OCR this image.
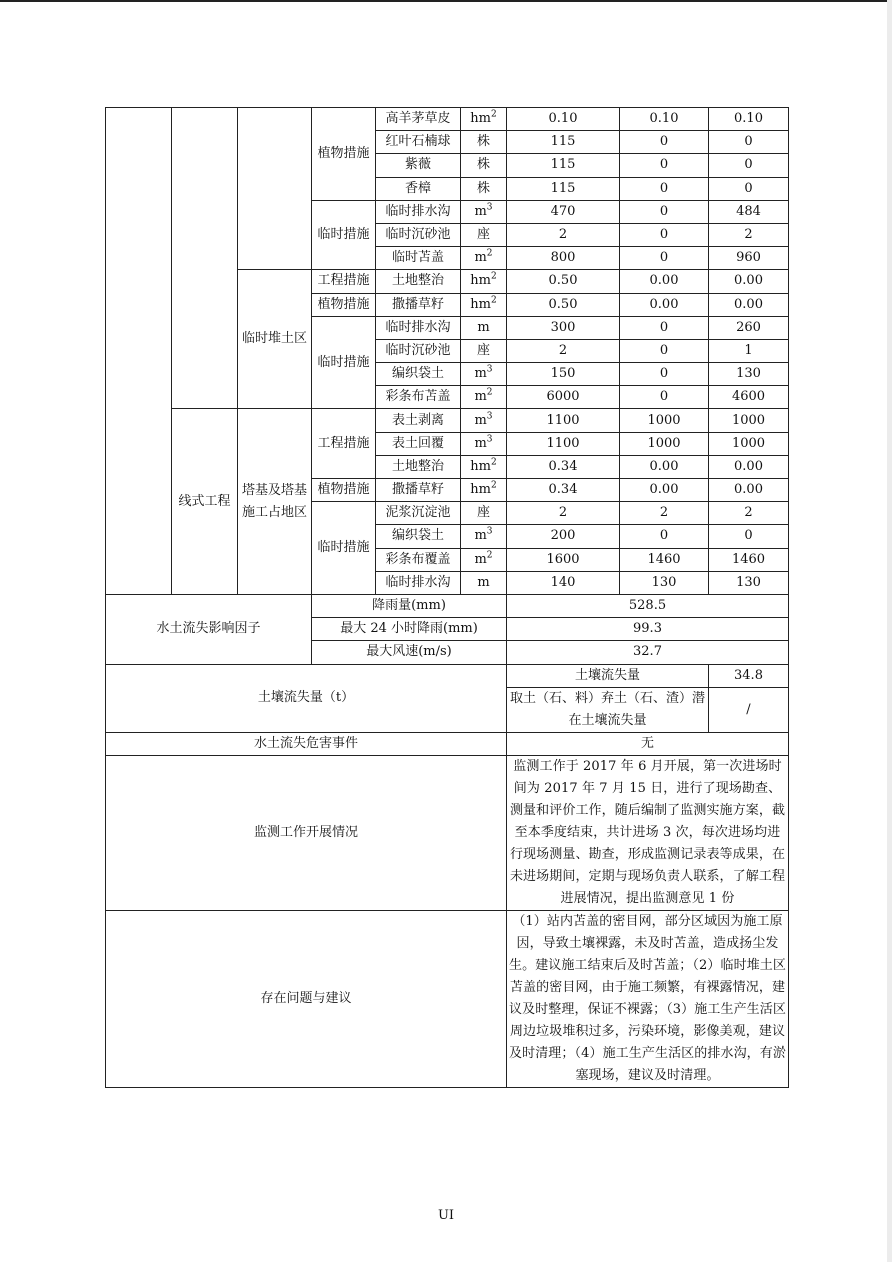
			植物措施	高羊茅草皮	$hm^2$	0.10	0.10	0.10
				红叶石楠球	株	115	0	0
				紫薇	株	115	0	0
				香樟	株	115	0	0
			临时措施	临时排水沟	$m^3$	470	0	484
				临时沉砂池	座	2	0	2
				临时苫盖	$m^2$	800	0	960
		临时堆土区	工程措施	土地整治	$hm^2$	0.50	0.00	0.00
			植物措施	撒播草籽	$hm^2$	0.50	0.00	0.00
			临时措施	临时排水沟	m	300	0	260
				临时沉砂池	座	2	0	1
				编织袋土	$m^3$	150	0	130
				彩条布苫盖	$m^2$	6000	0	4600
	线式工程	塔基及塔基施工占地区	工程措施	表土剥离	$m^3$	1100	1000	1000
				表土回覆	$m^3$	1100	1000	1000
				土地整治	$hm^2$	0.34	0.00	0.00
			植物措施	撒播草籽	$hm^2$	0.34	0.00	0.00
			临时措施	泥浆沉淀池	座	2	2	2
				编织袋土	$m^3$	200	0	0
				彩条布覆盖	$m^2$	1600	1460	1460
				临时排水沟	m	140	130	130
水土流失影响因子			降雨量(mm)			528.5		
			最大 24 小时降雨(mm)			99.3		
			最大风速(m/s)			32.7		
土壤流失量（t）						土壤流失量		34.8
						取土（石、料）弃土（石、渣）潜在土壤流失量		/
水土流失危害事件						无		
监测工作开展情况						监测工作于 2017 年 6 月开展，第一次进场时间为 2017 年 7 月 15 日，进行了现场勘查、测量和评价工作，随后编制了监测实施方案，截至本季度结束，共计进场 3 次，每次进场均进行现场测量、勘查，形成监测记录表等成果，在未进场期间，定期与现场负责人联系，了解工程进展情况，提出监测意见 1 份		
存在问题与建议						（1）站内苫盖的密目网，部分区域因为施工原因，导致土壤裸露，未及时苫盖，造成扬尘发生。建议施工结束后及时苫盖；（2）临时堆土区苫盖的密目网，由于施工频繁，有裸露情况，建议及时整理，保证不裸露；（3）施工生产生活区周边垃圾堆积过多，污染环境，影像美观，建议及时清理；（4）施工生产生活区的排水沟，有淤塞现场，建议及时清理。		
UI
